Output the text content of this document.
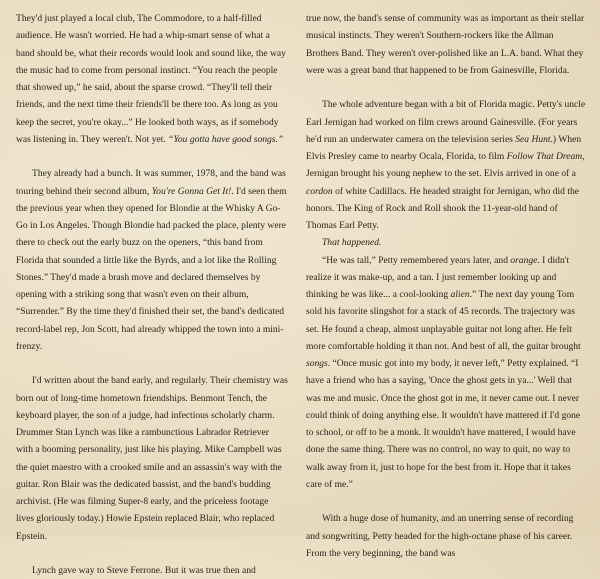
They'd just played a local club, The Commodore, to a half-filled audience. He wasn't worried. He had a whip-smart sense of what a band should be, what their records would look and sound like, the way the music had to come from personal instinct. “You reach the people that showed up,” he said, about the sparse crowd. “They'll tell their friends, and the next time their friends'll be there too. As long as you keep the secret, you're okay...” He looked both ways, as if somebody was listening in. They weren't. Not yet. “You gotta have good songs.”

They already had a bunch. It was summer, 1978, and the band was touring behind their second album, You're Gonna Get It!. I'd seen them the previous year when they opened for Blondie at the Whisky A Go-Go in Los Angeles. Though Blondie had packed the place, plenty were there to check out the early buzz on the openers, “this band from Florida that sounded a little like the Byrds, and a lot like the Rolling Stones.” They'd made a brash move and declared themselves by opening with a striking song that wasn't even on their album, “Surrender.” By the time they'd finished their set, the band's dedicated record-label rep, Jon Scott, had already whipped the town into a mini-frenzy.

I'd written about the band early, and regularly. Their chemistry was born out of long-time hometown friendships. Benmont Tench, the keyboard player, the son of a judge, had infectious scholarly charm. Drummer Stan Lynch was like a rambunctious Labrador Retriever with a booming personality, just like his playing. Mike Campbell was the quiet maestro with a crooked smile and an assassin's way with the guitar. Ron Blair was the dedicated bassist, and the band's budding archivist. (He was filming Super-8 early, and the priceless footage lives gloriously today.) Howie Epstein replaced Blair, who replaced Epstein.

Lynch gave way to Steve Ferrone. But it was true then and

true now, the band's sense of community was as important as their stellar musical instincts. They weren't Southern-rockers like the Allman Brothers Band. They weren't over-polished like an L.A. band. What they were was a great band that happened to be from Gainesville, Florida.

The whole adventure began with a bit of Florida magic. Petty's uncle Earl Jernigan had worked on film crews around Gainesville. (For years he'd run an underwater camera on the television series Sea Hunt.) When Elvis Presley came to nearby Ocala, Florida, to film Follow That Dream, Jernigan brought his young nephew to the set. Elvis arrived in one of a cordon of white Cadillacs. He headed straight for Jernigan, who did the honors. The King of Rock and Roll shook the 11-year-old hand of Thomas Earl Petty.

That happened.

“He was tall,” Petty remembered years later, and orange. I didn't realize it was make-up, and a tan. I just remember looking up and thinking he was like... a cool-looking alien.” The next day young Tom sold his favorite slingshot for a stack of 45 records. The trajectory was set. He found a cheap, almost unplayable guitar not long after. He felt more comfortable holding it than not. And best of all, the guitar brought songs. “Once music got into my body, it never left,” Petty explained. “I have a friend who has a saying, 'Once the ghost gets in ya...' Well that was me and music. Once the ghost got in me, it never came out. I never could think of doing anything else. It wouldn't have mattered if I'd gone to school, or off to be a monk. It wouldn't have mattered, I would have done the same thing. There was no control, no way to quit, no way to walk away from it, just to hope for the best from it. Hope that it takes care of me.”

With a huge dose of humanity, and an unerring sense of recording and songwriting, Petty headed for the high-octane phase of his career. From the very beginning, the band was
